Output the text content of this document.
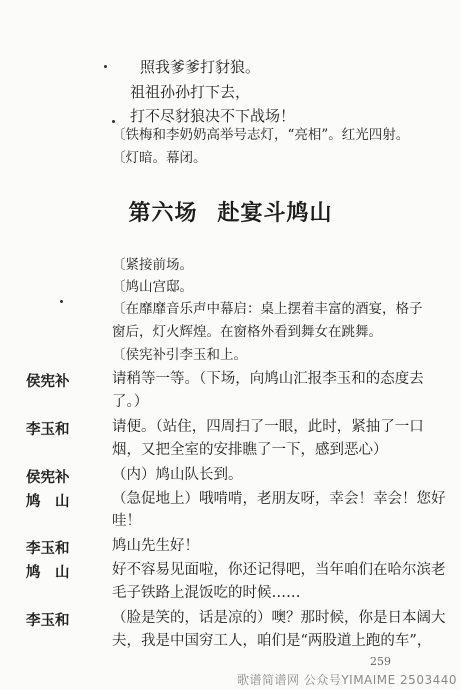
照我爹爹打豺狼。
祖祖孙孙打下去，
打不尽豺狼决不下战场！
〔铁梅和李奶奶高举号志灯，“亮相”。红光四射。
〔灯暗。幕闭。
第六场 赴宴斗鸠山
〔紧接前场。
〔鸠山宫邸。
〔在靡靡音乐声中幕启：桌上摆着丰富的酒宴，格子
窗后，灯火辉煌。在窗格外看到舞女在跳舞。
〔侯宪补引李玉和上。
侯宪补	请稍等一等。（下场，向鸠山汇报李玉和的态度去
了。）
李玉和	请便。（站住，四周扫了一眼，此时，紧抽了一口
烟，又把全室的安排瞧了一下，感到恶心）
侯宪补	（内）鸠山队长到。
鸠　山	（急促地上）哦啃啃，老朋友呀，幸会！幸会！您好
哇！
李玉和	鸠山先生好！
鸠　山	好不容易见面啦，你还记得吧，当年咱们在哈尔滨老
毛子铁路上混饭吃的时候……
李玉和	（脸是笑的，话是凉的）噢？那时候，你是日本阔大
夫，我是中国穷工人，咱们是“两股道上跑的车”，
259
歌谱简谱网 公众号YIMAIME 2503440
